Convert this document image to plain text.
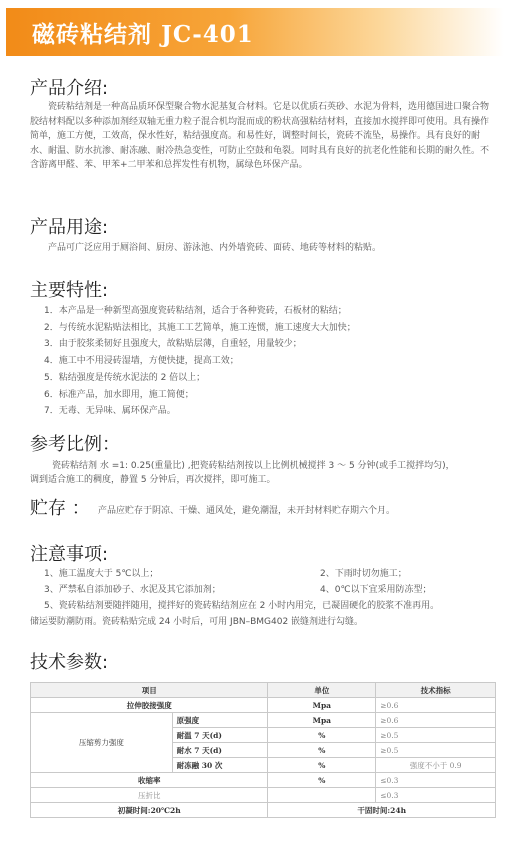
磁砖粘结剂 JC-401
产品介绍:
瓷砖粘结剂是一种高品质环保型聚合物水泥基复合材料。它是以优质石英砂、水泥为骨料，选用德国进口聚合物胶结材料配以多种添加剂经双轴无重力粒子混合机均混而成的粉状高强粘结材料，直接加水搅拌即可使用。具有操作简单，施工方便，工效高，保水性好，粘结强度高。和易性好，调整时间长，瓷砖不流坠，易操作。具有良好的耐水、耐温、防水抗渗、耐冻融、耐冷热急变性，可防止空鼓和龟裂。同时具有良好的抗老化性能和长期的耐久性。不含游离甲醛、苯、甲苯+二甲苯和总挥发性有机物，属绿色环保产品。
产品用途:
产品可广泛应用于厕浴间、厨房、游泳池、内外墙瓷砖、面砖、地砖等材料的粘贴。
主要特性:
1．本产品是一种新型高强度瓷砖粘结剂，适合于各种瓷砖，石板材的粘结；
2．与传统水泥粘贴法相比，其施工工艺简单，施工连惯，施工速度大大加快；
3．由于胶浆柔韧好且强度大，故粘贴层薄，自重轻，用量较少；
4．施工中不用浸砖湿墙，方便快捷，提高工效；
5．粘结强度是传统水泥法的 2 倍以上；
6．标准产品，加水即用，施工简便；
7．无毒、无异味、属环保产品。
参考比例：
瓷砖粘结剂 水 =1: 0.25(重量比) ,把瓷砖粘结剂按以上比例机械搅拌 3 ～ 5 分钟(或手工搅拌均匀)，
调到适合施工的稠度，静置 5 分钟后，再次搅拌，即可施工。
贮存 ： 产品应贮存于阴凉、干燥、通风处，避免潮湿，未开封材料贮存期六个月。
注意事项:
1、施工温度大于 5℃以上；	2、下雨时切勿施工；
3、严禁私自添加砂子、水泥及其它添加剂；	4、0℃以下宜采用防冻型；
5、瓷砖粘结剂要随拌随用，搅拌好的瓷砖粘结剂应在 2 小时内用完，已凝固硬化的胶浆不准再用。
储运要防潮防雨。瓷砖粘贴完成 24 小时后，可用 JBN–BMG402 嵌缝剂进行勾缝。
技术参数:
项目		单位	技术指标
拉伸胶接强度		Mpa	≥0.6
压缩剪力强度	原强度	Mpa	≥0.6
	耐温 7 天(d)	%	≥0.5
	耐水 7 天(d)	%	≥0.5
	耐冻融 30 次	%	强度不小于 0.9
收缩率		%	≤0.3
压折比			≤0.3
初凝时间:20℃2h		干固时间:24h	
